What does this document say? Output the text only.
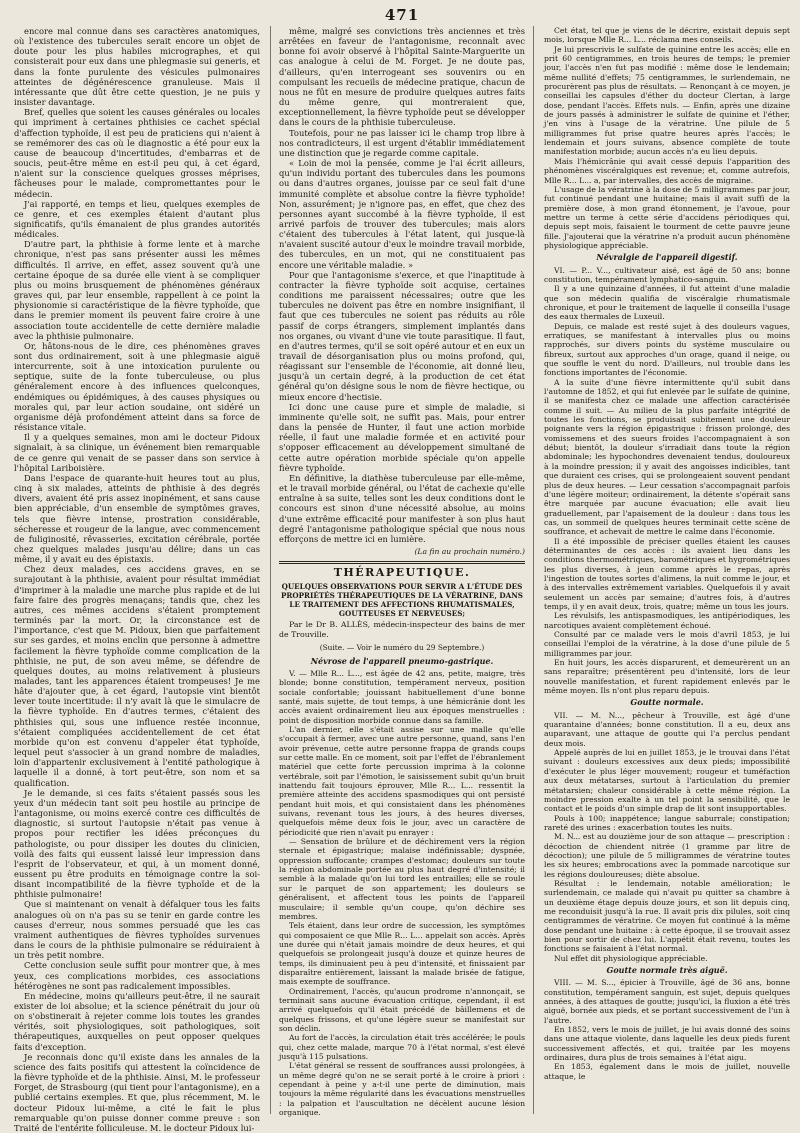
471

encore mal connue dans ses caractères anatomiques, où l'existence des tubercules serait encore un objet de doute pour les plus habiles micrographes, et qui consisterait pour eux dans une phlegmasie sui generis, et dans la fonte purulente des vésicules pulmonaires atteintes de dégénérescence granuleuse. Mais il intéressante que dût être cette question, je ne puis y insister davantage.

Bref, quelles que soient les causes générales ou locales qui impriment à certaines phthisies ce cachet spécial d'affection typhoïde, il est peu de praticiens qui n'aient à se remémorer des cas où le diagnostic a été pour eux la cause de beaucoup d'incertitudes, d'embarras et de soucis, peut-être même en est-il peu qui, à cet égard, n'aient sur la conscience quelques grosses méprises, fâcheuses pour le malade, compromettantes pour le médecin.

J'ai rapporté, en temps et lieu, quelques exemples de ce genre, et ces exemples étaient d'autant plus significatifs, qu'ils émanaient de plus grandes autorités médicales.

D'autre part, la phthisie à forme lente et à marche chronique, n'est pas sans présenter aussi les mêmes difficultés. Il arrive, en effet, assez souvent qu'à une certaine époque de sa durée elle vient à se compliquer plus ou moins brusquement de phénomènes généraux graves qui, par leur ensemble, rappellent à ce point la physionomie si caractéristique de la fièvre typhoïde, que dans le premier moment ils peuvent faire croire à une association toute accidentelle de cette dernière maladie avec la phthisie pulmonaire.

Or, hâtons-nous de le dire, ces phénomènes graves sont dus ordinairement, soit à une phlegmasie aiguë intercurrente, soit à une intoxication purulente ou septique, suite de la fonte tuberculeuse, ou plus généralement encore à des influences quelconques, endémiques ou épidémiques, à des causes physiques ou morales qui, par leur action soudaine, ont sidéré un organisme déjà profondément atteint dans sa force de résistance vitale.

Il y a quelques semaines, mon ami le docteur Pidoux signalait, à sa clinique, un événement bien remarquable de ce genre qui venait de se passer dans son service à l'hôpital Lariboisière.

Dans l'espace de quarante-huit heures tout au plus, cinq à six malades, atteints de phthisie à des degrés divers, avaient été pris assez inopinément, et sans cause bien appréciable, d'un ensemble de symptômes graves, tels que fièvre intense, prostration considérable, sécheresse et rougeur de la langue, avec commencement de fuliginosité, rêvasseries, excitation cérébrale, portée chez quelques malades jusqu'au délire; dans un cas même, il y avait eu des épistaxis.

Chez deux malades, ces accidens graves, en se surajoutant à la phthisie, avaient pour résultat immédiat d'imprimer à la maladie une marche plus rapide et de lui faire faire des progrès menaçans; tandis que, chez les autres, ces mêmes accidens s'étaient promptement terminés par la mort. Or, la circonstance est de l'importance, c'est que M. Pidoux, bien que parfaitement sur ses gardes, et moins enclin que personne à admettre facilement la fièvre typhoïde comme complication de la phthisie, ne put, de son aveu même, se défendre de quelques doutes, au moins relativement à plusieurs malades, tant les apparences étaient trompeuses! Je me hâte d'ajouter que, à cet égard, l'autopsie vint bientôt lever toute incertitude: il n'y avait là que le simulacre de la fièvre typhoïde. En d'autres termes, c'étaient des phthisies qui, sous une influence restée inconnue, s'étaient compliquées accidentellement de cet état morbide qu'on est convenu d'appeler état typhoïde, lequel peut s'associer à un grand nombre de maladies, loin d'appartenir exclusivement à l'entité pathologique à laquelle il a donné, à tort peut-être, son nom et sa qualification.

Je le demande, si ces faits s'étaient passés sous les yeux d'un médecin tant soit peu hostile au principe de l'antagonisme, ou moins exercé contre ces difficultés de diagnostic, si surtout l'autopsie n'était pas venue à propos pour rectifier les idées préconçues du pathologiste, ou pour dissiper les doutes du clinicien, voilà des faits qui eussent laissé leur impression dans l'esprit de l'observateur, et qui, à un moment donné, eussent pu être produits en témoignage contre la soi-disant incompatibilité de la fièvre typhoïde et de la phthisie pulmonaire!

Que si maintenant on venait à défalquer tous les faits analogues où on n'a pas su se tenir en garde contre les causes d'erreur, nous sommes persuadé que les cas vraiment authentiques de fièvres typhoïdes survenues dans le cours de la phthisie pulmonaire se réduiraient à un très petit nombre.

Cette conclusion seule suffit pour montrer que, à mes yeux, ces complications morbides, ces associations hétérogènes ne sont pas radicalement impossibles.

En médecine, moins qu'ailleurs peut-être, il ne saurait exister de loi absolue; et la science pénétrait du jour où on s'obstinerait à rejeter comme lois toutes les grandes vérités, soit physiologiques, soit pathologiques, soit thérapeutiques, auxquelles on peut opposer quelques faits d'exception.

Je reconnais donc qu'il existe dans les annales de la science des faits positifs qui attestent la coïncidence de la fièvre typhoïde et de la phthisie. Ainsi, M. le professeur Forget, de Strasbourg (qui tient pour l'antagonisme), en a publié certains exemples. Et que, plus récemment, M. le docteur Pidoux lui-même, a cité le fait le plus remarquable qu'on puisse donner comme preuve : son Traité de l'entérite folliculeuse. M. le docteur Pidoux lui-

même, malgré ses convictions très anciennes et très arrêtées en faveur de l'antagonisme, reconnaît avec bonne foi avoir observé à l'hôpital Sainte-Marguerite un cas analogue à celui de M. Forget. Je ne doute pas, d'ailleurs, qu'en interrogeant ses souvenirs ou en compulsant les recueils de médecine pratique, chacun de nous ne fût en mesure de produire quelques autres faits du même genre, qui montreraient que, exceptionnellement, la fièvre typhoïde peut se développer dans le cours de la phthisie tuberculeuse.

Toutefois, pour ne pas laisser ici le champ trop libre à nos contradicteurs, il est urgent d'établir immédiatement une distinction que je regarde comme capitale.

« Loin de moi la pensée, comme je l'ai écrit ailleurs, qu'un individu portant des tubercules dans les poumons ou dans d'autres organes, jouisse par ce seul fait d'une immunité complète et absolue contre la fièvre typhoïde! Non, assurément; je n'ignore pas, en effet, que chez des personnes ayant succombé à la fièvre typhoïde, il est arrivé parfois de trouver des tubercules; mais alors c'étaient des tubercules à l'état latent, qui jusque-là n'avaient suscité autour d'eux le moindre travail morbide, des tubercules, en un mot, qui ne constituaient pas encore une véritable maladie. »

Pour que l'antagonisme s'exerce, et que l'inaptitude à contracter la fièvre typhoïde soit acquise, certaines conditions me paraissent nécessaires; outre que les tubercules ne doivent pas être en nombre insignifiant, il faut que ces tubercules ne soient pas réduits au rôle passif de corps étrangers, simplement implantés dans nos organes, ou vivant d'une vie toute parasitique. Il faut, en d'autres termes, qu'il se soit opéré autour et en eux un travail de désorganisation plus ou moins profond, qui, réagissant sur l'ensemble de l'économie, ait donné lieu, jusqu'à un certain degré, à la production de cet état général qu'on désigne sous le nom de fièvre hectique, ou mieux encore d'hectisie.

Ici donc une cause pure et simple de maladie, si imminente qu'elle soit, ne suffit pas. Mais, pour entrer dans la pensée de Hunter, il faut une action morbide réelle, il faut une maladie formée et en activité pour s'opposer efficacement au développement simultané de cette autre opération morbide spéciale qu'on appelle fièvre typhoïde.

En définitive, la diathèse tuberculeuse par elle-même, et le travail morbide général, ou l'état de cachexie qu'elle entraîne à sa suite, telles sont les deux conditions dont le concours est sinon d'une nécessité absolue, au moins d'une extrême efficacité pour manifester à son plus haut degré l'antagonisme pathologique spécial que nous nous efforçons de mettre ici en lumière.

(La fin au prochain numéro.)
THÉRAPEUTIQUE.
QUELQUES OBSERVATIONS POUR SERVIR A L'ÉTUDE DES PROPRIÉTÉS THÉRAPEUTIQUES DE LA VÉRATRINE, DANS LE TRAITEMENT DES AFFECTIONS RHUMATISMALES, GOUTTEUSES ET NERVEUSES;
Par le Dr B. ALLÈS, médecin-inspecteur des bains de mer de Trouville.
(Suite. — Voir le numéro du 29 Septembre.)
Névrose de l'appareil pneumo-gastrique.

V. — Mlle R... L..., est âgée de 42 ans, petite, maigre, très blonde; bonne constitution, tempérament nerveux, position sociale confortable; jouissant habituellement d'une bonne santé, mais sujette, de tout temps, à une hémicrânie dont les accès avaient ordinairement lieu aux époques menstruelles : point de disposition morbide connue dans sa famille.

L'an dernier, elle s'était assise sur une malle qu'elle s'occupait à fermer, avec une autre personne, quand, sans l'en avoir prévenue, cette autre personne frappa de grands coups sur cette malle. En ce moment, soit par l'effet de l'ébranlement matériel que cette forte percussion imprima à la colonne vertébrale, soit par l'émotion, le saisissement subit qu'un bruit inattendu fait toujours éprouver, Mlle R... L... ressentit la première atteinte des accidens spasmodiques qui ont persisté pendant huit mois, et qui consistaient dans les phénomènes suivans, revenant tous les jours, à des heures diverses, quelquefois même deux fois le jour, avec un caractère de périodicité que rien n'avait pu enrayer :

— Sensation de brûlure et de déchirement vers la région sternale et épigastrique; malaise indéfinissable; dyspnée, oppression suffocante; crampes d'estomac; douleurs sur toute la région abdominale portée au plus haut degré d'intensité; il semble à la malade qu'on lui tord les entrailles; elle se roule sur le parquet de son appartement; les douleurs se généralisent, et affectent tous les points de l'appareil musculaire; il semble qu'un coupe, qu'on déchire ses membres.

Tels étaient, dans leur ordre de succession, les symptômes qui composaient ce que Mlle R... L... appelait son accès. Après une durée qui n'était jamais moindre de deux heures, et qui quelquefois se prolongeait jusqu'à douze et quinze heures de temps, ils diminuaient peu à peu d'intensité, et finissaient par disparaître entièrement, laissant la malade brisée de fatigue, mais exempte de souffrance.

Ordinairement, l'accès, qu'aucun prodrome n'annonçait, se terminait sans aucune évacuation critique, cependant, il est arrivé quelquefois qu'il était précédé de bâillemens et de quelques frissons, et qu'une légère sueur se manifestait sur son déclin.

Au fort de l'accès, la circulation était très accélérée; le pouls qui, chez cette malade, marque 70 à l'état normal, s'est élevé jusqu'à 115 pulsations.

L'état général se ressent de souffrances aussi prolongées, à un même degré qu'on ne se serait porté à le croire à priori : cependant à peine y a-t-il une perte de diminution, mais toujours la même régularité dans les évacuations menstruelles : la palpation et l'auscultation ne décèlent aucune lésion organique.

Cet état, tel que je viens de le décrire, existait depuis sept mois, lorsque Mlle R... L... réclama mes conseils.

Je lui prescrivis le sulfate de quinine entre les accès; elle en prit 60 centigrammes, en trois heures de temps; le premier jour, l'accès n'en fut pas modifié : même dose le lendemain; même nullité d'effets; 75 centigrammes, le surlendemain, ne procurèrent pas plus de résultats. — Renonçant à ce moyen, je conseillai les capsules d'éther du docteur Clertan, à large dose, pendant l'accès. Effets nuls. — Enfin, après une dizaine de jours passés à administrer le sulfate de quinine et l'éther, j'en vins à l'usage de la vératrine. Une pilule de 5 milligrammes fut prise quatre heures après l'accès; le lendemain et jours suivans, absence complète de toute manifestation morbide; aucun accès n'a eu lieu depuis.

Mais l'hémicrânie qui avait cessé depuis l'apparition des phénomènes viscéralgiques est revenue; et, comme autrefois, Mlle R... L... a, par intervalles, des accès de migraine.

L'usage de la vératrine à la dose de 5 milligrammes par jour, fut continué pendant une huitaine; mais il avait suffi de la première dose, à mon grand étonnement, je l'avoue, pour mettre un terme à cette série d'accidens périodiques qui, depuis sept mois, faisaient le tourment de cette pauvre jeune fille. J'ajouterai que la vératrine n'a produit aucun phénomène physiologique appréciable.

Névralgie de l'appareil digestif.

VI. — P... V..., cultivateur aisé, est âgé de 50 ans; bonne constitution, tempérament lymphatico-sanguin.

Il y a une quinzaine d'années, il fut atteint d'une maladie que son médecin qualifia de viscéralgie rhumatismale chronique, et pour le traitement de laquelle il conseilla l'usage des eaux thermales de Luxeuil.

Depuis, ce malade est resté sujet à des douleurs vagues, erratiques, se manifestant à intervalles plus ou moins rapprochés, sur divers points du système musculaire ou fibreux, surtout aux approches d'un orage, quand il neige, ou que souffle le vent du nord. D'ailleurs, nul trouble dans les fonctions importantes de l'économie.

A la suite d'une fièvre intermittente qu'il subit dans l'automne de 1852, et qui fut enlevée par le sulfate de quinine, il se manifesta chez ce malade une affection caractérisée comme il suit. — Au milieu de la plus parfaite intégrité de toutes les fonctions, se produisait subitement une douleur poignante vers la région épigastrique : frisson prolongé, des vomissemens et des sueurs froides l'accompagnaient à son début; bientôt, la douleur s'irradiait dans toute la région abdominale; les hypochondres devenaient tendus, douloureux à la moindre pression; il y avait des angoisses indicibles, tant que duraient ces crises, qui se prolongeaient souvent pendant plus de deux heures. — Leur cessation s'accompagnait parfois d'une légère moiteur; ordinairement, la détente s'opérait sans être marquée par aucune évacuation; elle avait lieu graduellement, par l'apaisement de la douleur : dans tous les cas, un sommeil de quelques heures terminait cette scène de souffrance, et achevait de mettre le calme dans l'économie.

Il a été impossible de préciser quelles étaient les causes déterminantes de ces accès : ils avaient lieu dans les conditions thermométriques, barométriques et hygrométriques les plus diverses, à jeun comme après le repas, après l'ingestion de toutes sortes d'alimens, la nuit comme le jour, et à des intervalles extrêmement variables. Quelquefois il y avait seulement un accès par semaine; d'autres fois, à d'autres temps, il y en avait deux, trois, quatre; même un tous les jours.

Les révulsifs, les antispasmodiques, les antipériodiques, les narcotiques avaient complètement échoué.

Consulté par ce malade vers le mois d'avril 1853, je lui conseillai l'emploi de la vératrine, à la dose d'une pilule de 5 milligrammes par jour.

En huit jours, les accès disparurent, et demeurèrent un an sans reparaître; présentèrent peu d'intensité, lors de leur nouvelle manifestation, et furent rapidement enlevés par le même moyen. Ils n'ont plus reparu depuis.

Goutte normale.

VII. — M. N..., pêcheur à Trouville, est âgé d'une quarantaine d'années; bonne constitution. Il a eu, deux ans auparavant, une attaque de goutte qui l'a perclus pendant deux mois.

Appelé auprès de lui en juillet 1853, je le trouvai dans l'état suivant : douleurs excessives aux deux pieds; impossibilité d'exécuter le plus léger mouvement; rougeur et tuméfaction aux deux métatarses, surtout à l'articulation du premier métatarsien; chaleur considérable à cette même région. La moindre pression exalte à un tel point la sensibilité, que le contact et le poids d'un simple drap de lit sont insupportables.

Pouls à 100; inappétence; langue saburrale; constipation; rareté des urines : exacerbation toutes les nuits.

M. N... est au douzième jour de son attaque — prescription : décoction de chiendent nitrée (1 gramme par litre de décoction); une pilule de 5 milligrammes de vératrine toutes les six heures; embrocations avec la pommade narcotique sur les régions douloureuses; diète absolue.

Résultat : le lendemain, notable amélioration; le surlendemain, ce malade qui n'avait pu quitter sa chambre à un deuxième étage depuis douze jours, et son lit depuis cinq, me reconduisit jusqu'à la rue. Il avait pris dix pilules, soit cinq centigrammes de vératrine. Ce moyen fut continué à la même dose pendant une huitaine : à cette époque, il se trouvait assez bien pour sortir de chez lui. L'appétit était revenu, toutes les fonctions se faisaient à l'état normal.

Nul effet dit physiologique appréciable.

Goutte normale très aiguë.

VIII. — M. S..., épicier à Trouville, âgé de 36 ans, bonne constitution, tempérament sanguin, est sujet, depuis quelques années, à des attaques de goutte; jusqu'ici, la fluxion a été très aiguë, bornée aux pieds, et se portant successivement de l'un à l'autre.

En 1852, vers le mois de juillet, je lui avais donné des soins dans une attaque violente, dans laquelle les deux pieds furent successivement affectés, et qui, traitée par les moyens ordinaires, dura plus de trois semaines à l'état aigu.

En 1853, également dans le mois de juillet, nouvelle attaque, le
